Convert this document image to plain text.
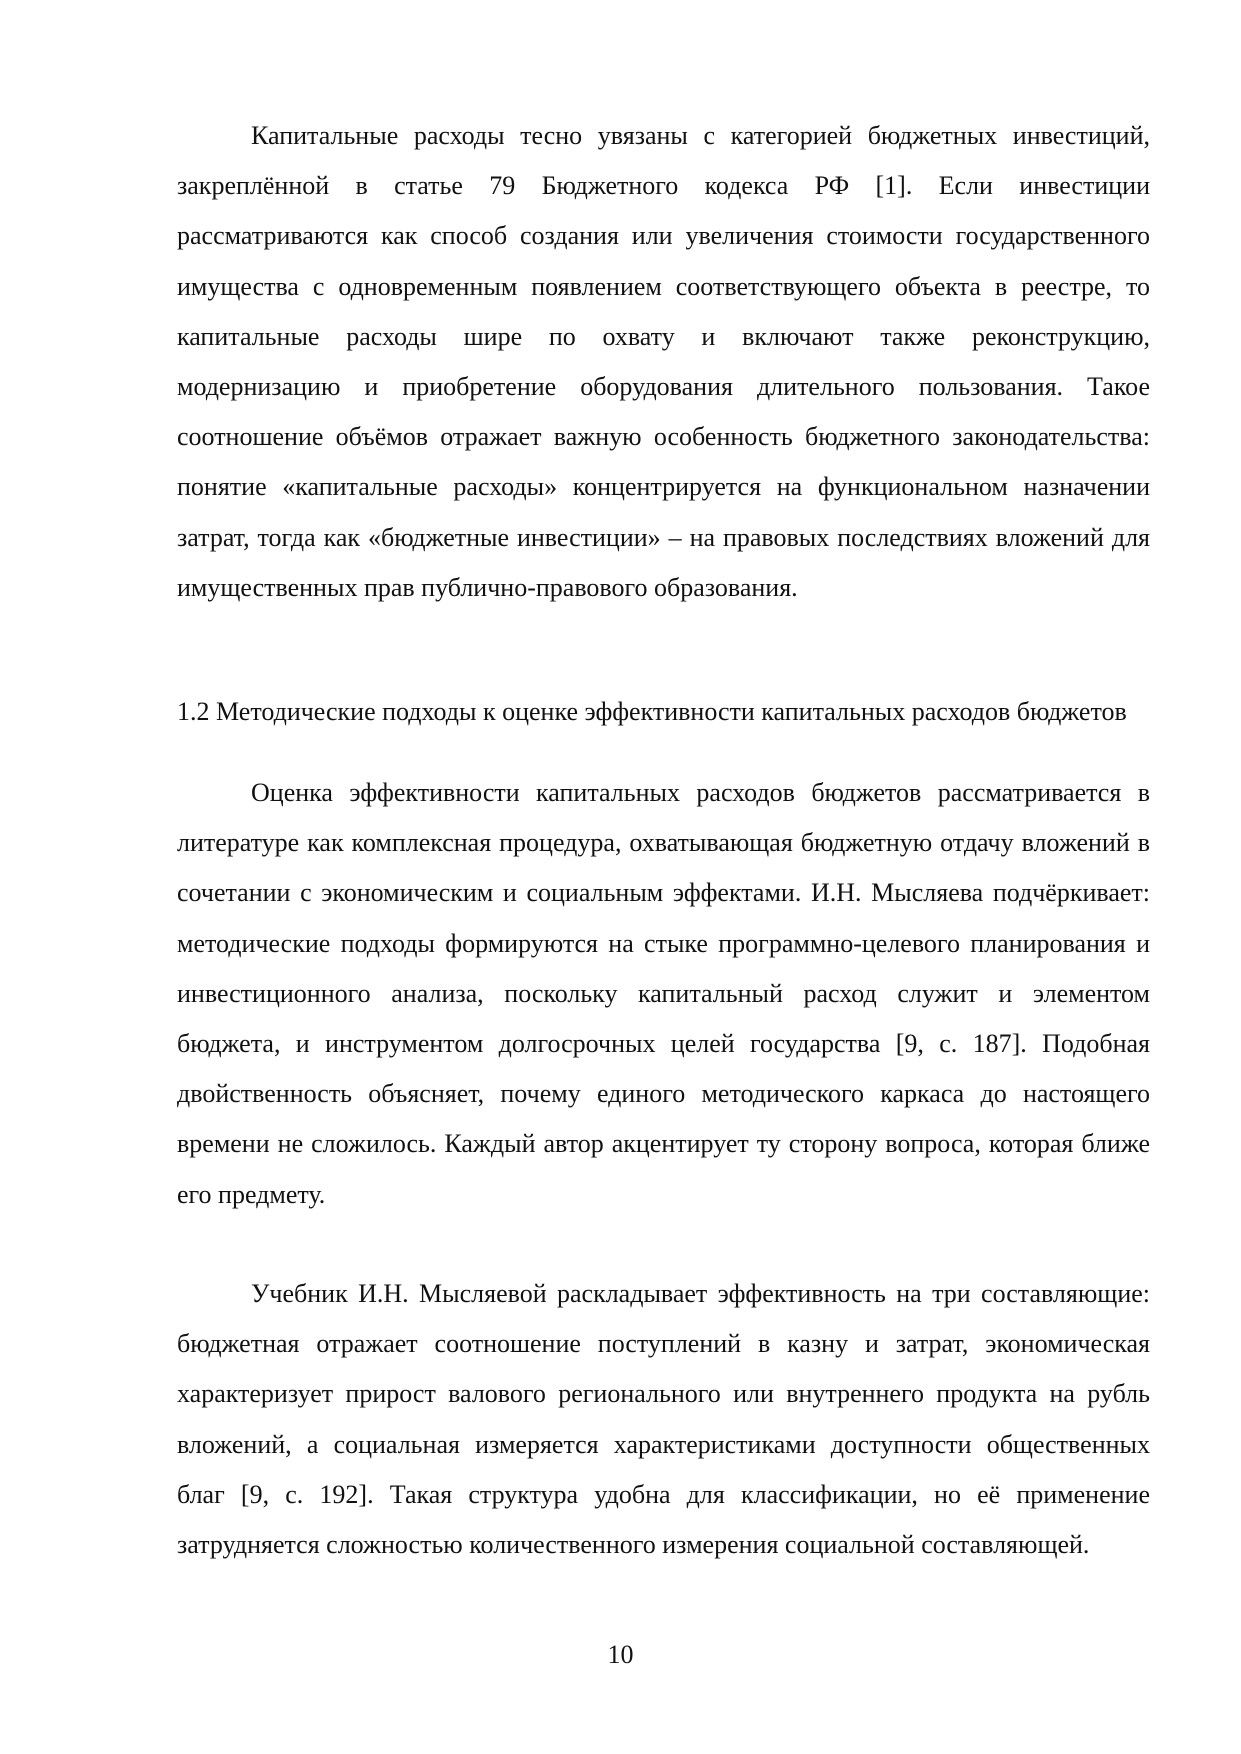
Капитальные расходы тесно увязаны с категорией бюджетных инвестиций, закреплённой в статье 79 Бюджетного кодекса РФ [1]. Если инвестиции рассматриваются как способ создания или увеличения стоимости государственного имущества с одновременным появлением соответствующего объекта в реестре, то капитальные расходы шире по охвату и включают также реконструкцию, модернизацию и приобретение оборудования длительного пользования. Такое соотношение объёмов отражает важную особенность бюджетного законодательства: понятие «капитальные расходы» концентрируется на функциональном назначении затрат, тогда как «бюджетные инвестиции» – на правовых последствиях вложений для имущественных прав публично-правового образования.

1.2 Методические подходы к оценке эффективности капитальных расходов бюджетов

Оценка эффективности капитальных расходов бюджетов рассматривается в литературе как комплексная процедура, охватывающая бюджетную отдачу вложений в сочетании с экономическим и социальным эффектами. И.Н. Мысляева подчёркивает: методические подходы формируются на стыке программно-целевого планирования и инвестиционного анализа, поскольку капитальный расход служит и элементом бюджета, и инструментом долгосрочных целей государства [9, с. 187]. Подобная двойственность объясняет, почему единого методического каркаса до настоящего времени не сложилось. Каждый автор акцентирует ту сторону вопроса, которая ближе его предмету.

Учебник И.Н. Мысляевой раскладывает эффективность на три составляющие: бюджетная отражает соотношение поступлений в казну и затрат, экономическая характеризует прирост валового регионального или внутреннего продукта на рубль вложений, а социальная измеряется характеристиками доступности общественных благ [9, с. 192]. Такая структура удобна для классификации, но её применение затрудняется сложностью количественного измерения социальной составляющей.

10
